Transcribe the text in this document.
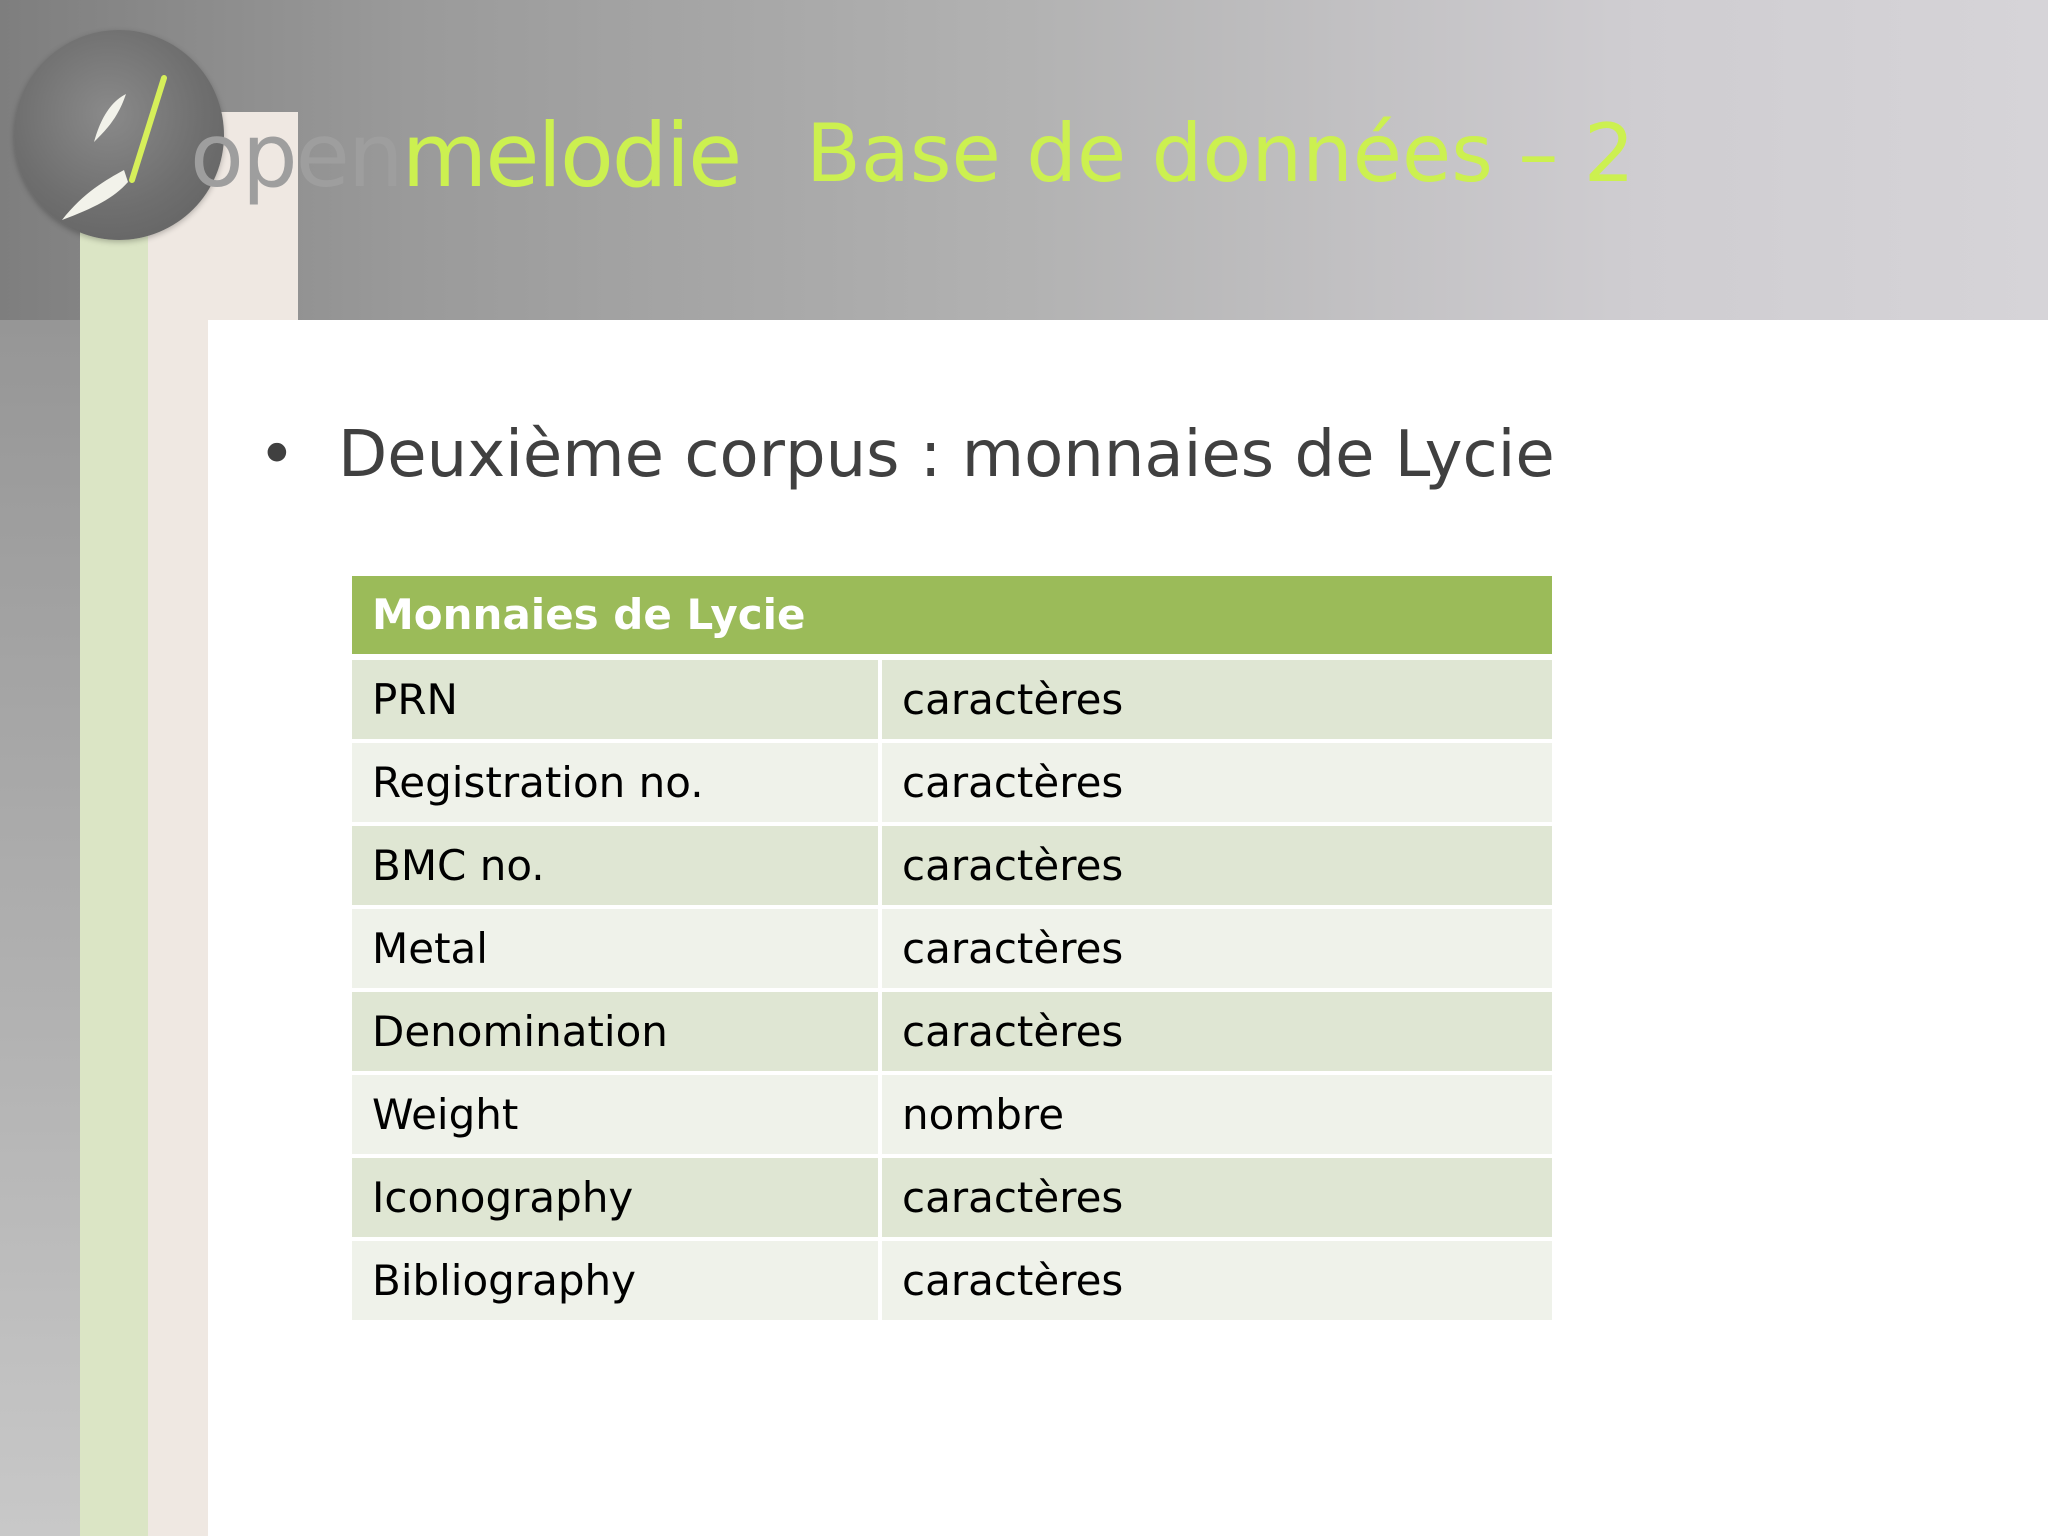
openmelodie Base de données – 2
• Deuxième corpus : monnaies de Lycie
Monnaies de Lycie
PRN	caractères
Registration no.	caractères
BMC no.	caractères
Metal	caractères
Denomination	caractères
Weight	nombre
Iconography	caractères
Bibliography	caractères
